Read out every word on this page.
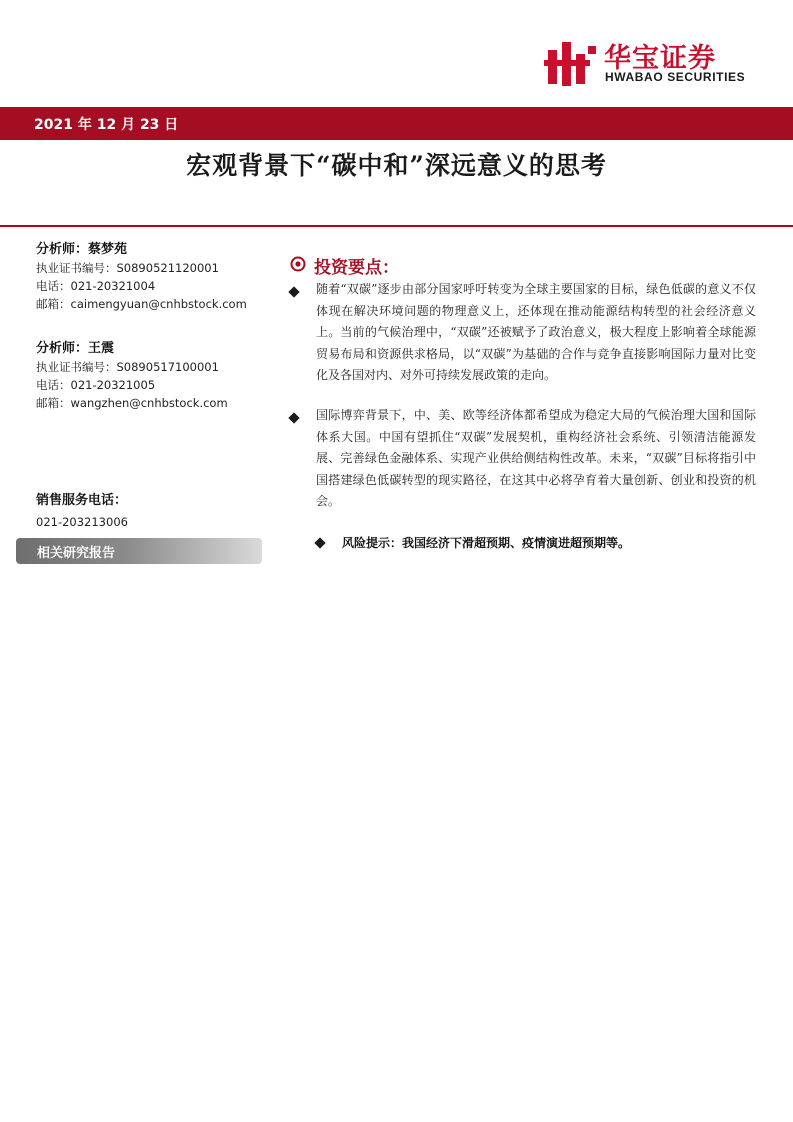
华宝证券
HWABAO SECURITIES
2021 年 12 月 23 日
宏观背景下“碳中和”深远意义的思考
分析师：蔡梦苑
执业证书编号：S0890521120001
电话：021-20321004
邮箱：caimengyuan@cnhbstock.com
分析师：王震
执业证书编号：S0890517100001
电话：021-20321005
邮箱：wangzhen@cnhbstock.com
销售服务电话：
021-203213006
相关研究报告
投资要点：
随着“双碳”逐步由部分国家呼吁转变为全球主要国家的目标，绿色低碳的意义不仅体现在解决环境问题的物理意义上，还体现在推动能源结构转型的社会经济意义上。当前的气候治理中，“双碳”还被赋予了政治意义，极大程度上影响着全球能源贸易布局和资源供求格局，以“双碳”为基础的合作与竞争直接影响国际力量对比变化及各国对内、对外可持续发展政策的走向。
国际博弈背景下，中、美、欧等经济体都希望成为稳定大局的气候治理大国和国际体系大国。中国有望抓住“双碳”发展契机，重构经济社会系统、引领清洁能源发展、完善绿色金融体系、实现产业供给侧结构性改革。未来，“双碳”目标将指引中国搭建绿色低碳转型的现实路径，在这其中必将孕育着大量创新、创业和投资的机会。
风险提示：我国经济下滑超预期、疫情演进超预期等。
